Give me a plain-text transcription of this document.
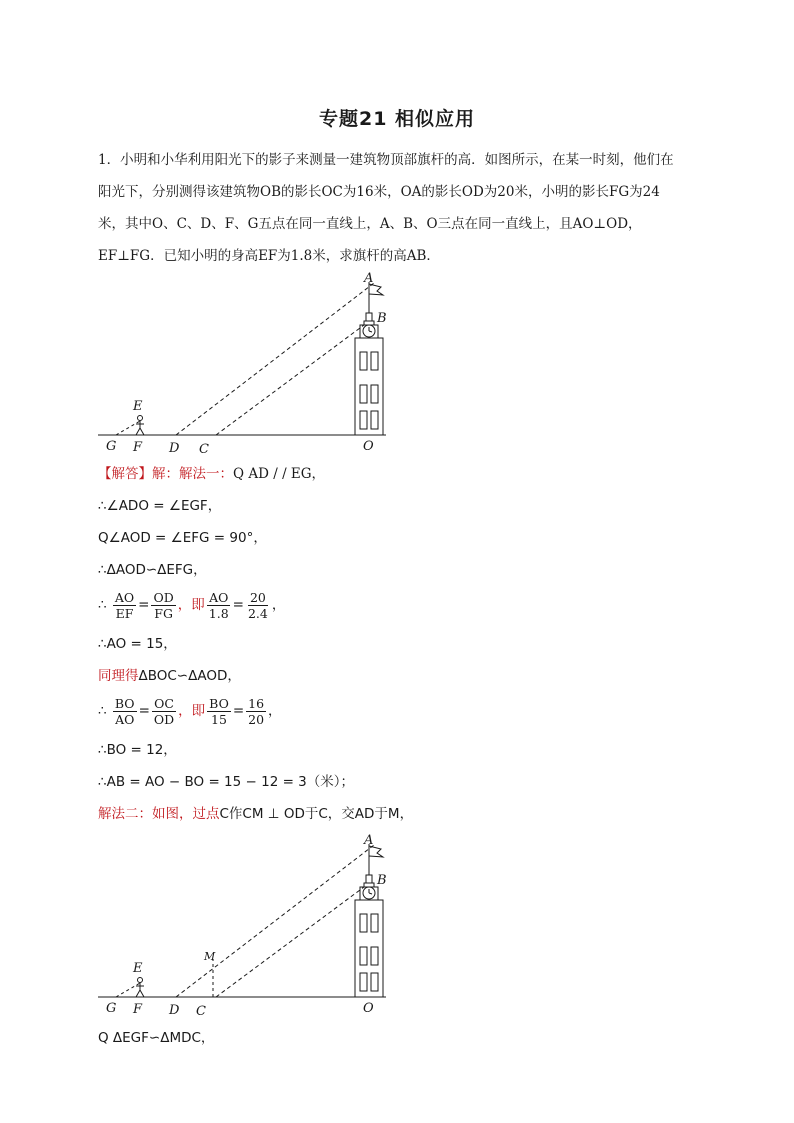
专题21 相似应用
1．小明和小华利用阳光下的影子来测量一建筑物顶部旗杆的高．如图所示，在某一时刻，他们在
阳光下，分别测得该建筑物OB的影长OC为16米，OA的影长OD为20米，小明的影长FG为24
米，其中O、C、D、F、G五点在同一直线上，A、B、O三点在同一直线上，且AO⊥OD，
EF⊥FG．已知小明的身高EF为1.8米，求旗杆的高AB．
A
B
E
G F D C	O
【解答】解：解法一：Q AD / / EG，
∴∠ADO = ∠EGF，
Q∠AOD = ∠EFG = 90°，
∴ΔAOD∽ΔEFG，
∴ $\frac{AO}{EF} = \frac{OD}{FG}$ ，即 $\frac{AO}{1.8} = \frac{20}{2.4}$ ，
∴AO = 15，
同理得ΔBOC∽ΔAOD，
∴ $\frac{BO}{AO} = \frac{OC}{OD}$ ，即 $\frac{BO}{15} = \frac{16}{20}$ ，
∴BO = 12，
∴AB = AO − BO = 15 − 12 = 3（米）；
解法二：如图，过点C作CM ⊥ OD于C，交AD于M，
A
B
M
E
G F D C	O
Q ΔEGF∽ΔMDC，
